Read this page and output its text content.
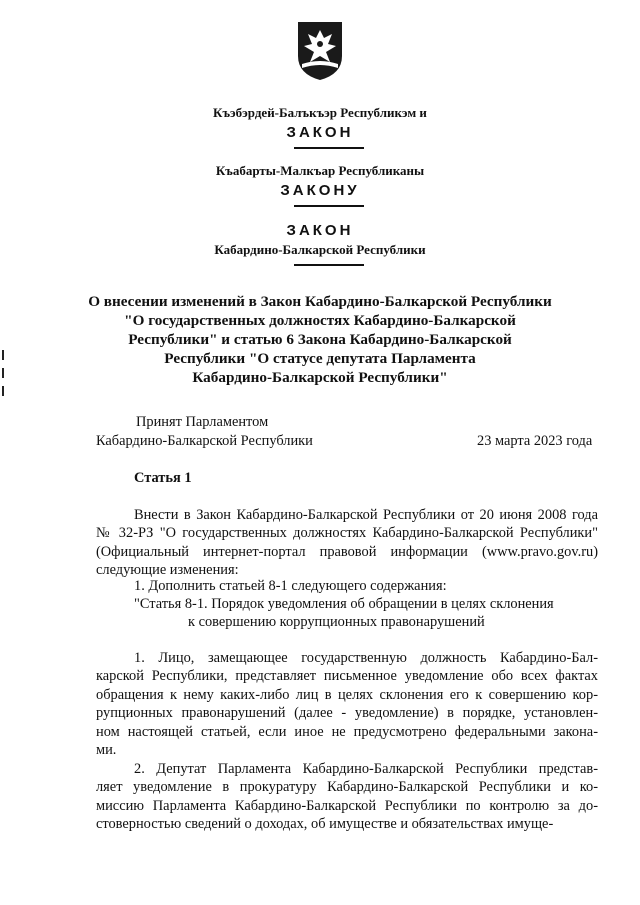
Къэбэрдей-Балъкъэр Республикэм и
ЗАКОН
Къабарты-Малкъар Республиканы
ЗАКОНУ
ЗАКОН
Кабардино-Балкарской Республики
О внесении изменений в Закон Кабардино-Балкарской Республики
"О государственных должностях Кабардино-Балкарской
Республики" и статью 6 Закона Кабардино-Балкарской
Республики "О статусе депутата Парламента
Кабардино-Балкарской Республики"
Принят Парламентом
Кабардино-Балкарской Республики	23 марта 2023 года
Статья 1
Внести в Закон Кабардино-Балкарской Республики от 20 июня 2008 года
№ 32-РЗ "О государственных должностях Кабардино-Балкарской Республики"
(Официальный интернет-портал правовой информации (www.pravo.gov.ru)
следующие изменения:
1. Дополнить статьей 8-1 следующего содержания:
"Статья 8-1. Порядок уведомления об обращении в целях склонения
к совершению коррупционных правонарушений
1. Лицо, замещающее государственную должность Кабардино-Бал-
карской Республики, представляет письменное уведомление обо всех фактах
обращения к нему каких-либо лиц в целях склонения его к совершению кор-
рупционных правонарушений (далее - уведомление) в порядке, установлен-
ном настоящей статьей, если иное не предусмотрено федеральными закона-
ми.
2. Депутат Парламента Кабардино-Балкарской Республики представ-
ляет уведомление в прокуратуру Кабардино-Балкарской Республики и ко-
миссию Парламента Кабардино-Балкарской Республики по контролю за до-
стоверностью сведений о доходах, об имуществе и обязательствах имуще-
